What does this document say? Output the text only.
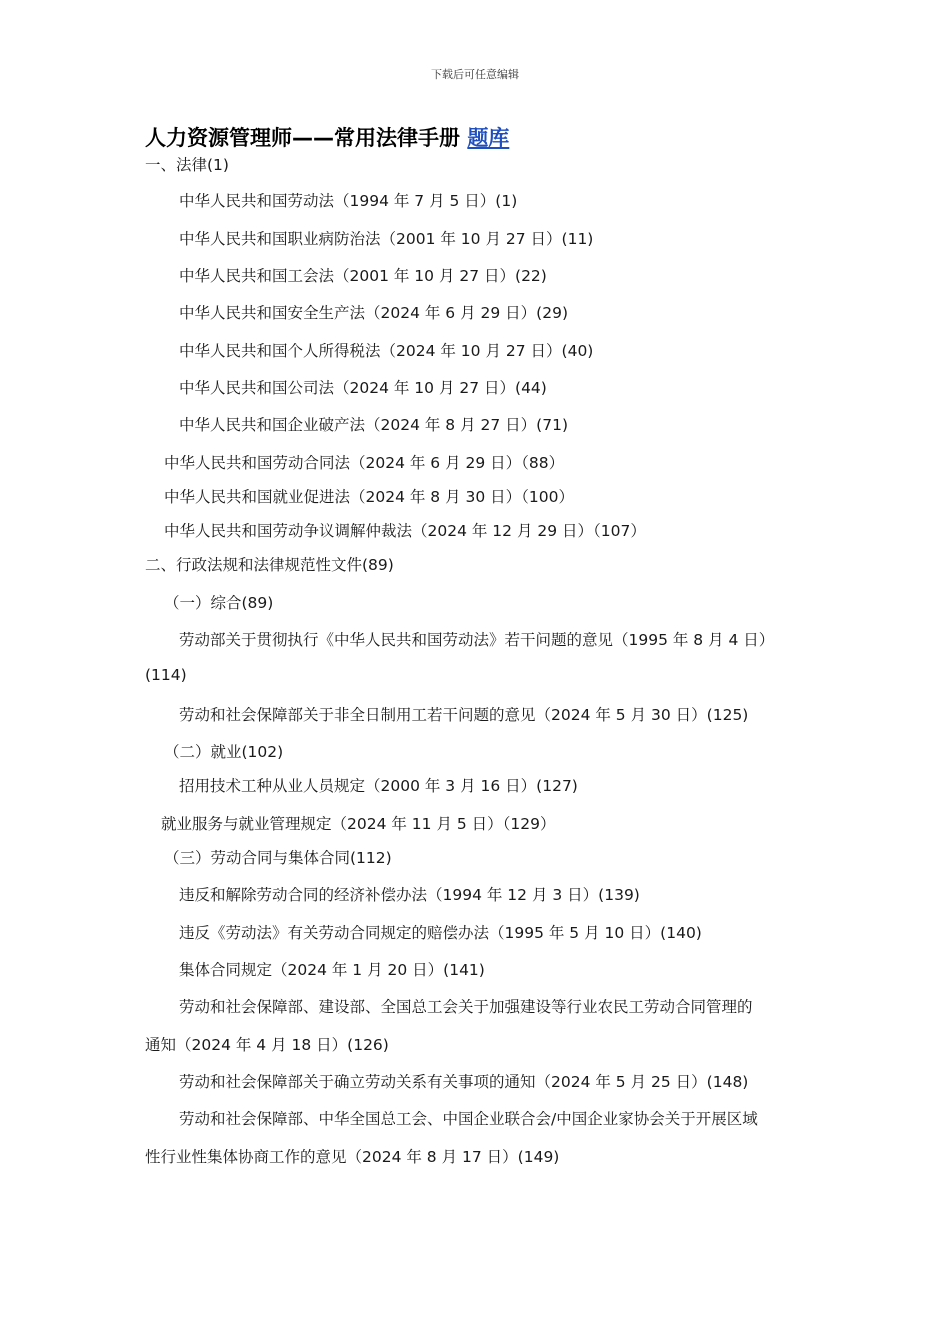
下载后可任意编辑
人力资源管理师——常用法律手册 题库
一、法律(1)
中华人民共和国劳动法（1994 年 7 月 5 日）(1)
中华人民共和国职业病防治法（2001 年 10 月 27 日）(11)
中华人民共和国工会法（2001 年 10 月 27 日）(22)
中华人民共和国安全生产法（2024 年 6 月 29 日）(29)
中华人民共和国个人所得税法（2024 年 10 月 27 日）(40)
中华人民共和国公司法（2024 年 10 月 27 日）(44)
中华人民共和国企业破产法（2024 年 8 月 27 日）(71)
中华人民共和国劳动合同法（2024 年 6 月 29 日）（88）
中华人民共和国就业促进法（2024 年 8 月 30 日）（100）
中华人民共和国劳动争议调解仲裁法（2024 年 12 月 29 日）（107）
二、行政法规和法律规范性文件(89)
（一）综合(89)
劳动部关于贯彻执行《中华人民共和国劳动法》若干问题的意见（1995 年 8 月 4 日）
(114)
劳动和社会保障部关于非全日制用工若干问题的意见（2024 年 5 月 30 日）(125)
（二）就业(102)
招用技术工种从业人员规定（2000 年 3 月 16 日）(127)
就业服务与就业管理规定（2024 年 11 月 5 日）（129）
（三）劳动合同与集体合同(112)
违反和解除劳动合同的经济补偿办法（1994 年 12 月 3 日）(139)
违反《劳动法》有关劳动合同规定的赔偿办法（1995 年 5 月 10 日）(140)
集体合同规定（2024 年 1 月 20 日）(141)
劳动和社会保障部、建设部、全国总工会关于加强建设等行业农民工劳动合同管理的
通知（2024 年 4 月 18 日）(126)
劳动和社会保障部关于确立劳动关系有关事项的通知（2024 年 5 月 25 日）(148)
劳动和社会保障部、中华全国总工会、中国企业联合会/中国企业家协会关于开展区域
性行业性集体协商工作的意见（2024 年 8 月 17 日）(149)
